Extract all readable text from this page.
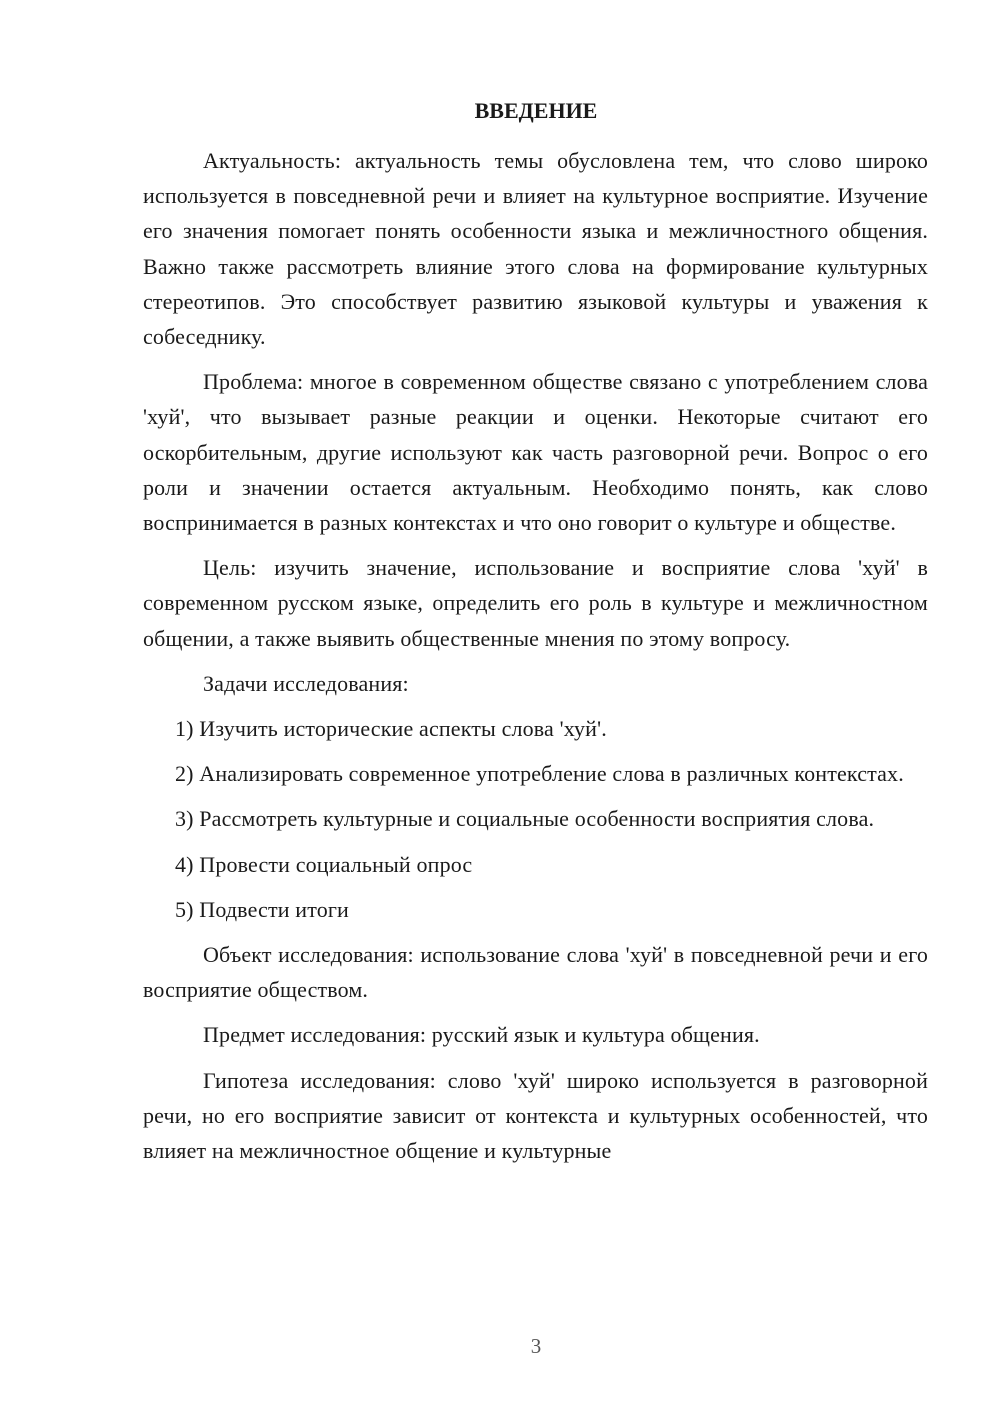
ВВЕДЕНИЕ

Актуальность: актуальность темы обусловлена тем, что слово широко используется в повседневной речи и влияет на культурное восприятие. Изучение его значения помогает понять особенности языка и межличностного общения. Важно также рассмотреть влияние этого слова на формирование культурных стереотипов. Это способствует развитию языковой культуры и уважения к собеседнику.

Проблема: многое в современном обществе связано с употреблением слова 'хуй', что вызывает разные реакции и оценки. Некоторые считают его оскорбительным, другие используют как часть разговорной речи. Вопрос о его роли и значении остается актуальным. Необходимо понять, как слово воспринимается в разных контекстах и что оно говорит о культуре и обществе.

Цель: изучить значение, использование и восприятие слова 'хуй' в современном русском языке, определить его роль в культуре и межличностном общении, а также выявить общественные мнения по этому вопросу.

Задачи исследования:

1) Изучить исторические аспекты слова 'хуй'.

2) Анализировать современное употребление слова в различных контекстах.

3) Рассмотреть культурные и социальные особенности восприятия слова.

4) Провести социальный опрос

5) Подвести итоги

Объект исследования: использование слова 'хуй' в повседневной речи и его восприятие обществом.

Предмет исследования: русский язык и культура общения.

Гипотеза исследования: слово 'хуй' широко используется в разговорной речи, но его восприятие зависит от контекста и культурных особенностей, что влияет на межличностное общение и культурные

3
